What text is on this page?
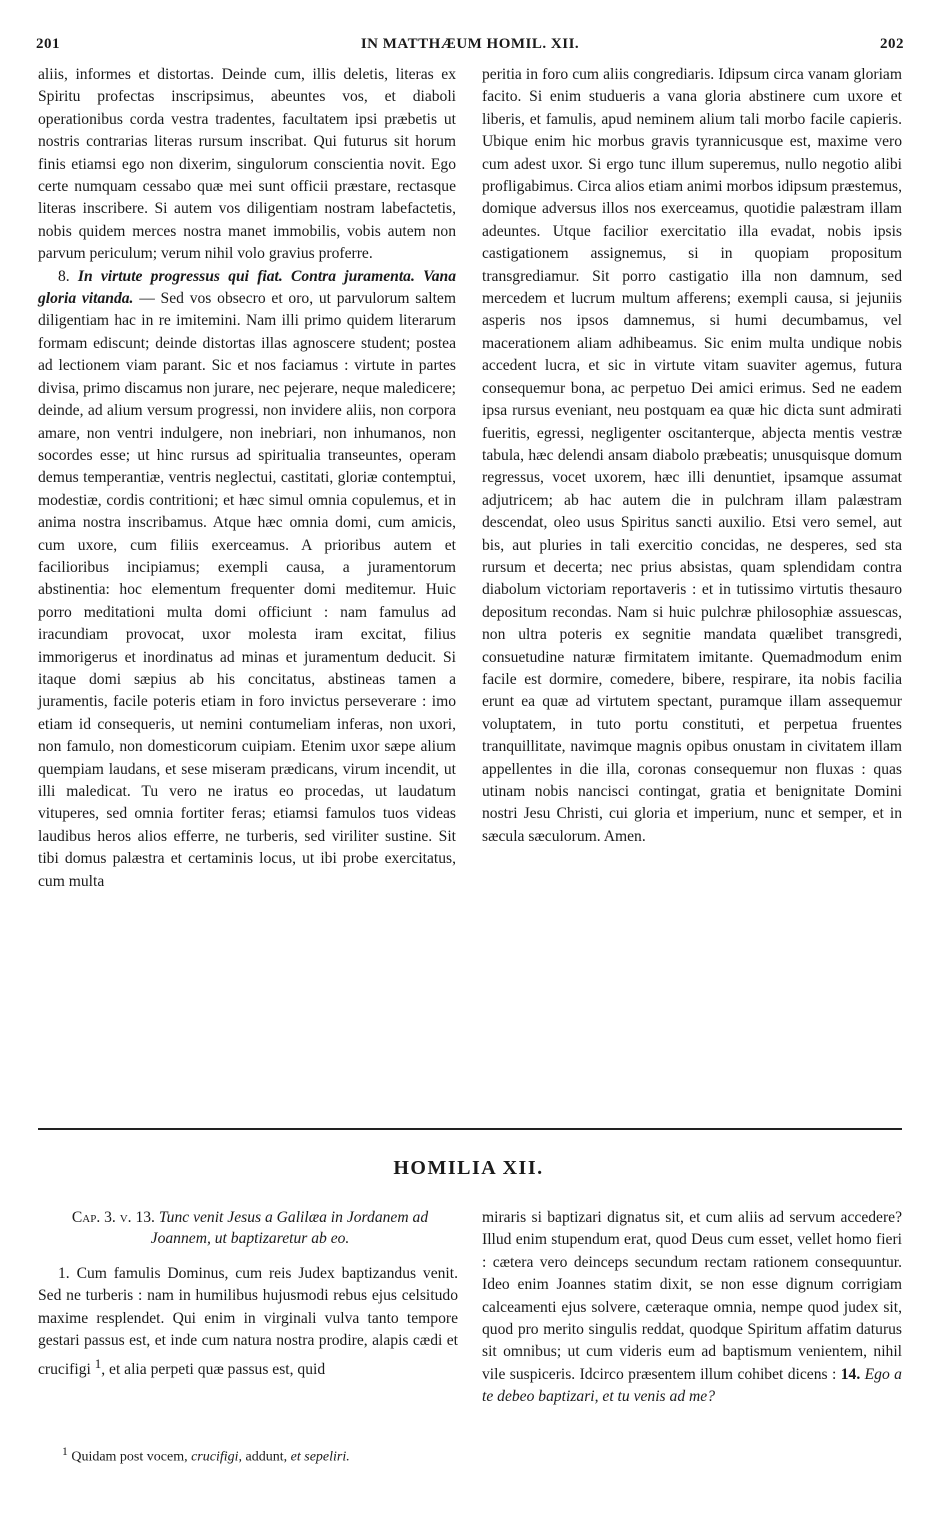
201	IN MATTHÆUM HOMIL. XII.	202

aliis, informes et distortas. Deinde cum, illis deletis, literas ex Spiritu profectas inscripsimus, abeuntes vos, et diaboli operationibus corda vestra tradentes, facultatem ipsi præbetis ut nostris contrarias literas rursum inscribat. Qui futurus sit horum finis etiamsi ego non dixerim, singulorum conscientia novit. Ego certe numquam cessabo quæ mei sunt officii præstare, rectasque literas inscribere. Si autem vos diligentiam nostram labefactetis, nobis quidem merces nostra manet immobilis, vobis autem non parvum periculum; verum nihil volo gravius proferre.

8. In virtute progressus qui fiat. Contra juramenta. Vana gloria vitanda. — Sed vos obsecro et oro, ut parvulorum saltem diligentiam hac in re imitemini. Nam illi primo quidem literarum formam ediscunt; deinde distortas illas agnoscere student; postea ad lectionem viam parant. Sic et nos faciamus : virtute in partes divisa, primo discamus non jurare, nec pejerare, neque maledicere; deinde, ad alium versum progressi, non invidere aliis, non corpora amare, non ventri indulgere, non inebriari, non inhumanos, non socordes esse; ut hinc rursus ad spiritualia transeuntes, operam demus temperantiæ, ventris neglectui, castitati, gloriæ contemptui, modestiæ, cordis contritioni; et hæc simul omnia copulemus, et in anima nostra inscribamus. Atque hæc omnia domi, cum amicis, cum uxore, cum filiis exerceamus. A prioribus autem et facilioribus incipiamus; exempli causa, a juramentorum abstinentia: hoc elementum frequenter domi meditemur. Huic porro meditationi multa domi officiunt : nam famulus ad iracundiam provocat, uxor molesta iram excitat, filius immorigerus et inordinatus ad minas et juramentum deducit. Si itaque domi sæpius ab his concitatus, abstineas tamen a juramentis, facile poteris etiam in foro invictus perseverare : imo etiam id consequeris, ut nemini contumeliam inferas, non uxori, non famulo, non domesticorum cuipiam. Etenim uxor sæpe alium quempiam laudans, et sese miseram prædicans, virum incendit, ut illi maledicat. Tu vero ne iratus eo procedas, ut laudatum vituperes, sed omnia fortiter feras; etiamsi famulos tuos videas laudibus heros alios efferre, ne turberis, sed viriliter sustine. Sit tibi domus palæstra et certaminis locus, ut ibi probe exercitatus, cum multa

peritia in foro cum aliis congrediaris. Idipsum circa vanam gloriam facito. Si enim studueris a vana gloria abstinere cum uxore et liberis, et famulis, apud neminem alium tali morbo facile capieris. Ubique enim hic morbus gravis tyrannicusque est, maxime vero cum adest uxor. Si ergo tunc illum superemus, nullo negotio alibi profligabimus. Circa alios etiam animi morbos idipsum præstemus, domique adversus illos nos exerceamus, quotidie palæstram illam adeuntes. Utque facilior exercitatio illa evadat, nobis ipsis castigationem assignemus, si in quopiam propositum transgrediamur. Sit porro castigatio illa non damnum, sed mercedem et lucrum multum afferens; exempli causa, si jejuniis asperis nos ipsos damnemus, si humi decumbamus, vel macerationem aliam adhibeamus. Sic enim multa undique nobis accedent lucra, et sic in virtute vitam suaviter agemus, futura consequemur bona, ac perpetuo Dei amici erimus. Sed ne eadem ipsa rursus eveniant, neu postquam ea quæ hic dicta sunt admirati fueritis, egressi, negligenter oscitanterque, abjecta mentis vestræ tabula, hæc delendi ansam diabolo præbeatis; unusquisque domum regressus, vocet uxorem, hæc illi denuntiet, ipsamque assumat adjutricem; ab hac autem die in pulchram illam palæstram descendat, oleo usus Spiritus sancti auxilio. Etsi vero semel, aut bis, aut pluries in tali exercitio concidas, ne desperes, sed sta rursum et decerta; nec prius absistas, quam splendidam contra diabolum victoriam reportaveris : et in tutissimo virtutis thesauro depositum recondas. Nam si huic pulchræ philosophiæ assuescas, non ultra poteris ex segnitie mandata quælibet transgredi, consuetudine naturæ firmitatem imitante. Quemadmodum enim facile est dormire, comedere, bibere, respirare, ita nobis facilia erunt ea quæ ad virtutem spectant, puramque illam assequemur voluptatem, in tuto portu constituti, et perpetua fruentes tranquillitate, navimque magnis opibus onustam in civitatem illam appellentes in die illa, coronas consequemur non fluxas : quas utinam nobis nancisci contingat, gratia et benignitate Domini nostri Jesu Christi, cui gloria et imperium, nunc et semper, et in sæcula sæculorum. Amen.

HOMILIA XII.

Cap. 3. v. 13. Tunc venit Jesus a Galilæa in Jordanem ad Joannem, ut baptizaretur ab eo.

1. Cum famulis Dominus, cum reis Judex baptizandus venit. Sed ne turberis : nam in humilibus hujusmodi rebus ejus celsitudo maxime resplendet. Qui enim in virginali vulva tanto tempore gestari passus est, et inde cum natura nostra prodire, alapis cædi et crucifigi $^1$, et alia perpeti quæ passus est, quid

miraris si baptizari dignatus sit, et cum aliis ad servum accedere? Illud enim stupendum erat, quod Deus cum esset, vellet homo fieri : cætera vero deinceps secundum rectam rationem consequuntur. Ideo enim Joannes statim dixit, se non esse dignum corrigiam calceamenti ejus solvere, cæteraque omnia, nempe quod judex sit, quod pro merito singulis reddat, quodque Spiritum affatim daturus sit omnibus; ut cum videris eum ad baptismum venientem, nihil vile suspiceris. Idcirco præsentem illum cohibet dicens : 14. Ego a te debeo baptizari, et tu venis ad me?

$^1$ Quidam post vocem, crucifigi, addunt, et sepeliri.
